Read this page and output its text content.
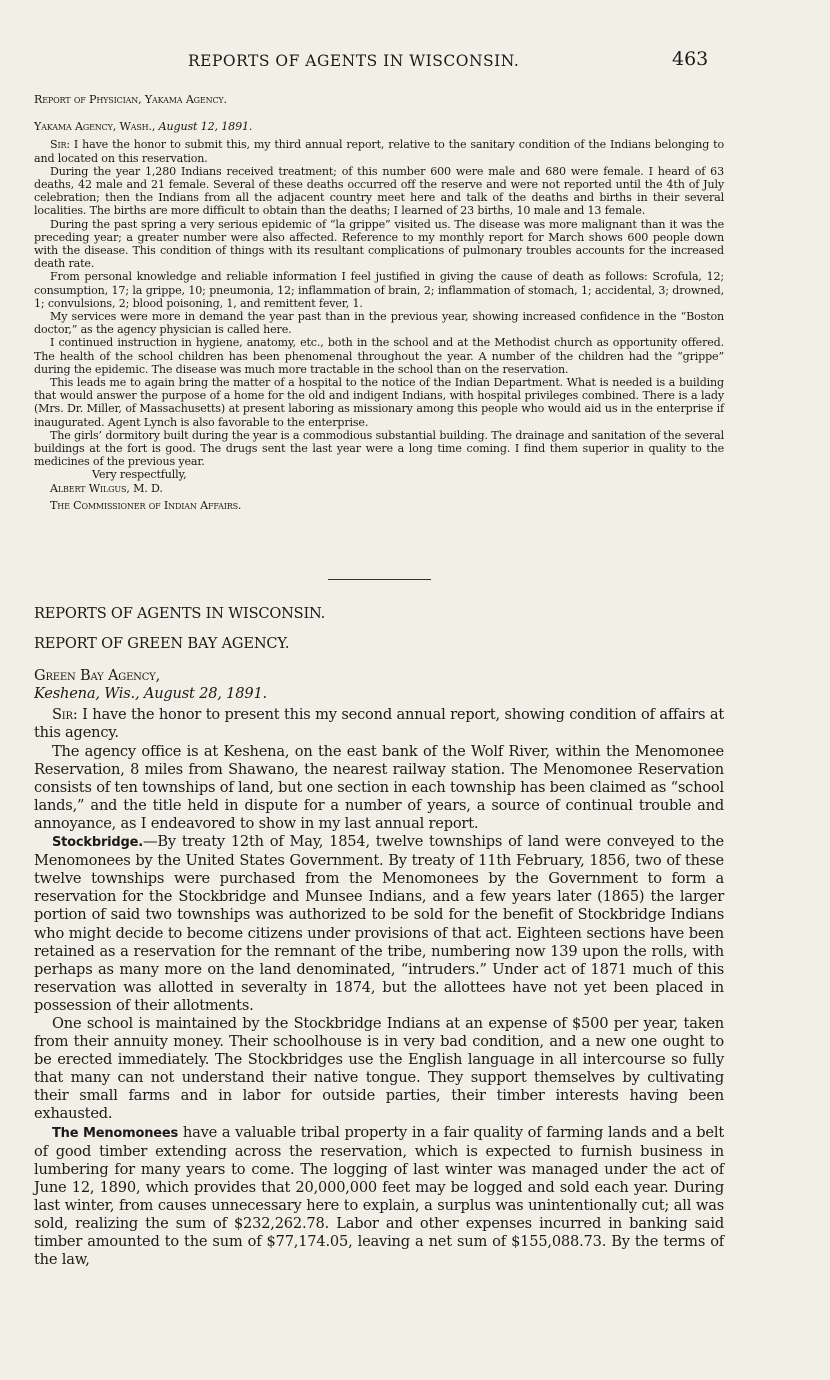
REPORTS OF AGENTS IN WISCONSIN.	463

Report of Physician, Yakama Agency.

Yakama Agency, Wash., August 12, 1891.

Sir: I have the honor to submit this, my third annual report, relative to the sanitary condition of the Indians belonging to and located on this reservation.

During the year 1,280 Indians received treatment; of this number 600 were male and 680 were female. I heard of 63 deaths, 42 male and 21 female. Several of these deaths occurred off the reserve and were not reported until the 4th of July celebration; then the Indians from all the adjacent country meet here and talk of the deaths and births in their several localities. The births are more difficult to obtain than the deaths; I learned of 23 births, 10 male and 13 female.

During the past spring a very serious epidemic of “la grippe” visited us. The disease was more malignant than it was the preceding year; a greater number were also affected. Reference to my monthly report for March shows 600 people down with the disease. This condition of things with its resultant complications of pulmonary troubles accounts for the increased death rate.

From personal knowledge and reliable information I feel justified in giving the cause of death as follows: Scrofula, 12; consumption, 17; la grippe, 10; pneumonia, 12; inflammation of brain, 2; inflammation of stomach, 1; accidental, 3; drowned, 1; convulsions, 2; blood poisoning, 1, and remittent fever, 1.

My services were more in demand the year past than in the previous year, showing increased confidence in the “Boston doctor,” as the agency physician is called here.

I continued instruction in hygiene, anatomy, etc., both in the school and at the Methodist church as opportunity offered. The health of the school children has been phenomenal throughout the year. A number of the children had the “grippe” during the epidemic. The disease was much more tractable in the school than on the reservation.

This leads me to again bring the matter of a hospital to the notice of the Indian Department. What is needed is a building that would answer the purpose of a home for the old and indigent Indians, with hospital privileges combined. There is a lady (Mrs. Dr. Miller, of Massachusetts) at present laboring as missionary among this people who would aid us in the enterprise if inaugurated. Agent Lynch is also favorable to the enterprise.

The girls’ dormitory built during the year is a commodious substantial building. The drainage and sanitation of the several buildings at the fort is good. The drugs sent the last year were a long time coming. I find them superior in quality to the medicines of the previous year.

Very respectfully,

Albert Wilgus, M. D.

The Commissioner of Indian Affairs.

REPORTS OF AGENTS IN WISCONSIN.

REPORT OF GREEN BAY AGENCY.

Green Bay Agency,
Keshena, Wis., August 28, 1891.

Sir: I have the honor to present this my second annual report, showing condition of affairs at this agency.

The agency office is at Keshena, on the east bank of the Wolf River, within the Menomonee Reservation, 8 miles from Shawano, the nearest railway station. The Menomonee Reservation consists of ten townships of land, but one section in each township has been claimed as “school lands,” and the title held in dispute for a number of years, a source of continual trouble and annoyance, as I endeavored to show in my last annual report.

Stockbridge.—By treaty 12th of May, 1854, twelve townships of land were conveyed to the Menomonees by the United States Government. By treaty of 11th February, 1856, two of these twelve townships were purchased from the Menomonees by the Government to form a reservation for the Stockbridge and Munsee Indians, and a few years later (1865) the larger portion of said two townships was authorized to be sold for the benefit of Stockbridge Indians who might decide to become citizens under provisions of that act. Eighteen sections have been retained as a reservation for the remnant of the tribe, numbering now 139 upon the rolls, with perhaps as many more on the land denominated, “intruders.” Under act of 1871 much of this reservation was allotted in severalty in 1874, but the allottees have not yet been placed in possession of their allotments.

One school is maintained by the Stockbridge Indians at an expense of $500 per year, taken from their annuity money. Their schoolhouse is in very bad condition, and a new one ought to be erected immediately. The Stockbridges use the English language in all intercourse so fully that many can not understand their native tongue. They support themselves by cultivating their small farms and in labor for outside parties, their timber interests having been exhausted.

The Menomonees have a valuable tribal property in a fair quality of farming lands and a belt of good timber extending across the reservation, which is expected to furnish business in lumbering for many years to come. The logging of last winter was managed under the act of June 12, 1890, which provides that 20,000,000 feet may be logged and sold each year. During last winter, from causes unnecessary here to explain, a surplus was unintentionally cut; all was sold, realizing the sum of $232,262.78. Labor and other expenses incurred in banking said timber amounted to the sum of $77,174.05, leaving a net sum of $155,088.73. By the terms of the law,
